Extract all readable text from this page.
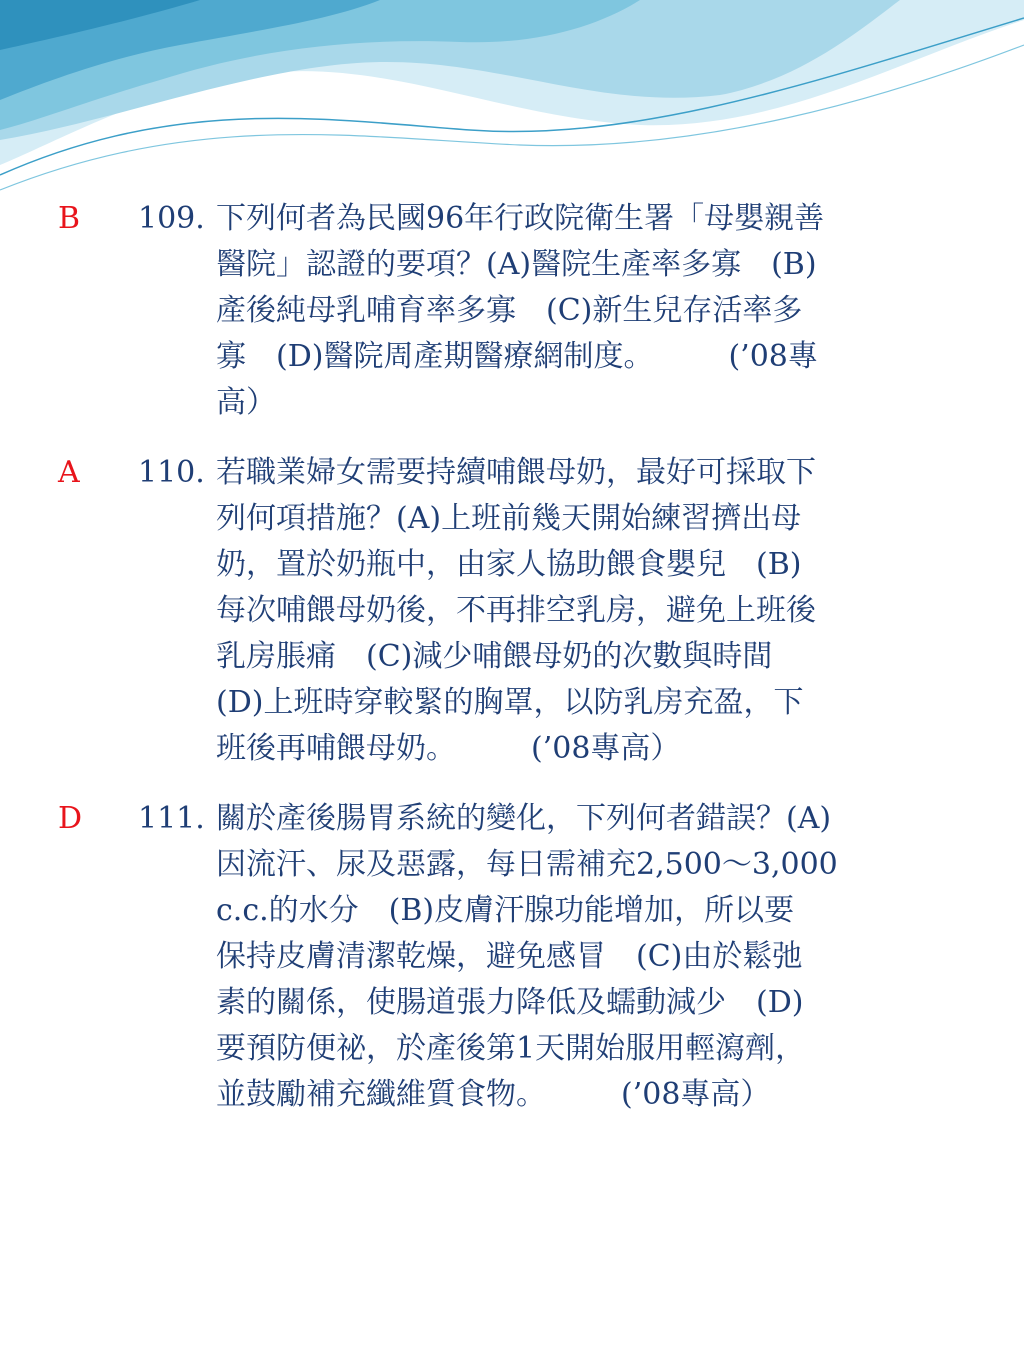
B 109. 下列何者為民國96年行政院衛生署「母嬰親善
醫院」認證的要項？(A)醫院生產率多寡　(B)
產後純母乳哺育率多寡　(C)新生兒存活率多
寡　(D)醫院周產期醫療網制度。　　　(’08專
高）
A 110. 若職業婦女需要持續哺餵母奶，最好可採取下
列何項措施？(A)上班前幾天開始練習擠出母
奶，置於奶瓶中，由家人協助餵食嬰兒　(B)
每次哺餵母奶後，不再排空乳房，避免上班後
乳房脹痛　(C)減少哺餵母奶的次數與時間
(D)上班時穿較緊的胸罩，以防乳房充盈，下
班後再哺餵母奶。　　　(’08專高）
D 111. 關於產後腸胃系統的變化，下列何者錯誤？(A)
因流汗、尿及惡露，每日需補充2,500～3,000
c.c.的水分　(B)皮膚汗腺功能增加，所以要
保持皮膚清潔乾燥，避免感冒　(C)由於鬆弛
素的關係，使腸道張力降低及蠕動減少　(D)
要預防便祕，於產後第1天開始服用輕瀉劑，
並鼓勵補充纖維質食物。　　　(’08專高）
